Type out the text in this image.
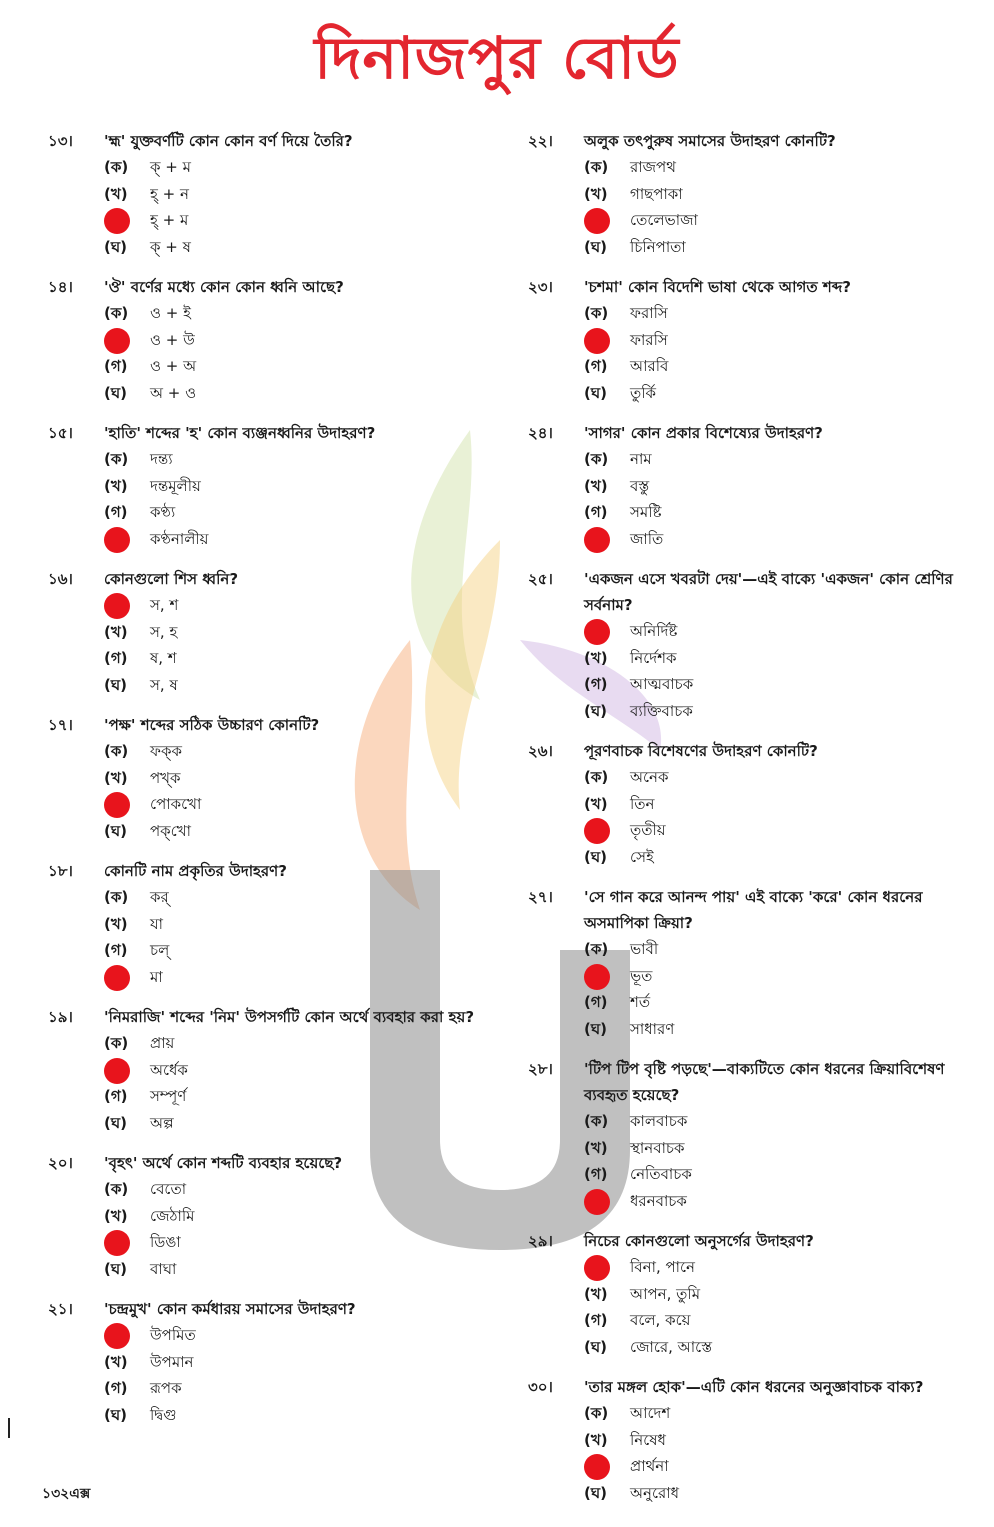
দিনাজপুর বোর্ড
১৩।	'হ্ম' যুক্তবর্ণটি কোন কোন বর্ণ দিয়ে তৈরি?
(ক)	ক্ + ম
(খ)	হ্ + ন
হ্ + ম
(ঘ)	ক্ + ষ
১৪।	'ঔ' বর্ণের মধ্যে কোন কোন ধ্বনি আছে?
(ক)	ও + ই
ও + উ
(গ)	ও + অ
(ঘ)	অ + ও
১৫।	'হাতি' শব্দের 'হ' কোন ব্যঞ্জনধ্বনির উদাহরণ?
(ক)	দন্ত্য
(খ)	দন্তমূলীয়
(গ)	কণ্ঠ্য
কণ্ঠনালীয়
১৬।	কোনগুলো শিস ধ্বনি?
স, শ
(খ)	স, হ
(গ)	ষ, শ
(ঘ)	স, ষ
১৭।	'পক্ষ' শব্দের সঠিক উচ্চারণ কোনটি?
(ক)	ফক্‌ক
(খ)	পখ্‌ক
পোকখো
(ঘ)	পক্‌খো
১৮।	কোনটি নাম প্রকৃতির উদাহরণ?
(ক)	কর্
(খ)	যা
(গ)	চল্
মা
১৯।	'নিমরাজি' শব্দের 'নিম' উপসর্গটি কোন অর্থে ব্যবহার করা হয়?
(ক)	প্রায়
অর্ধেক
(গ)	সম্পূর্ণ
(ঘ)	অল্প
২০।	'বৃহৎ' অর্থে কোন শব্দটি ব্যবহার হয়েছে?
(ক)	বেতো
(খ)	জেঠামি
ডিঙা
(ঘ)	বাঘা
২১।	'চন্দ্রমুখ' কোন কর্মধারয় সমাসের উদাহরণ?
উপমিত
(খ)	উপমান
(গ)	রূপক
(ঘ)	দ্বিগু
২২।	অলুক তৎপুরুষ সমাসের উদাহরণ কোনটি?
(ক)	রাজপথ
(খ)	গাছপাকা
তেলেভাজা
(ঘ)	চিনিপাতা
২৩।	'চশমা' কোন বিদেশি ভাষা থেকে আগত শব্দ?
(ক)	ফরাসি
ফারসি
(গ)	আরবি
(ঘ)	তুর্কি
২৪।	'সাগর' কোন প্রকার বিশেষ্যের উদাহরণ?
(ক)	নাম
(খ)	বস্তু
(গ)	সমষ্টি
জাতি
২৫।	'একজন এসে খবরটা দেয়'—এই বাক্যে 'একজন' কোন শ্রেণির সর্বনাম?
অনির্দিষ্ট
(খ)	নির্দেশক
(গ)	আত্মবাচক
(ঘ)	ব্যক্তিবাচক
২৬।	পূরণবাচক বিশেষণের উদাহরণ কোনটি?
(ক)	অনেক
(খ)	তিন
তৃতীয়
(ঘ)	সেই
২৭।	'সে গান করে আনন্দ পায়' এই বাক্যে 'করে' কোন ধরনের অসমাপিকা ক্রিয়া?
(ক)	ভাবী
ভূত
(গ)	শর্ত
(ঘ)	সাধারণ
২৮।	'টিপ টিপ বৃষ্টি পড়ছে'—বাক্যটিতে কোন ধরনের ক্রিয়াবিশেষণ ব্যবহৃত হয়েছে?
(ক)	কালবাচক
(খ)	স্থানবাচক
(গ)	নেতিবাচক
ধরনবাচক
২৯।	নিচের কোনগুলো অনুসর্গের উদাহরণ?
বিনা, পানে
(খ)	আপন, তুমি
(গ)	বলে, কয়ে
(ঘ)	জোরে, আস্তে
৩০।	'তার মঙ্গল হোক'—এটি কোন ধরনের অনুজ্ঞাবাচক বাক্য?
(ক)	আদেশ
(খ)	নিষেধ
প্রার্থনা
(ঘ)	অনুরোধ
১৩২এক্স
